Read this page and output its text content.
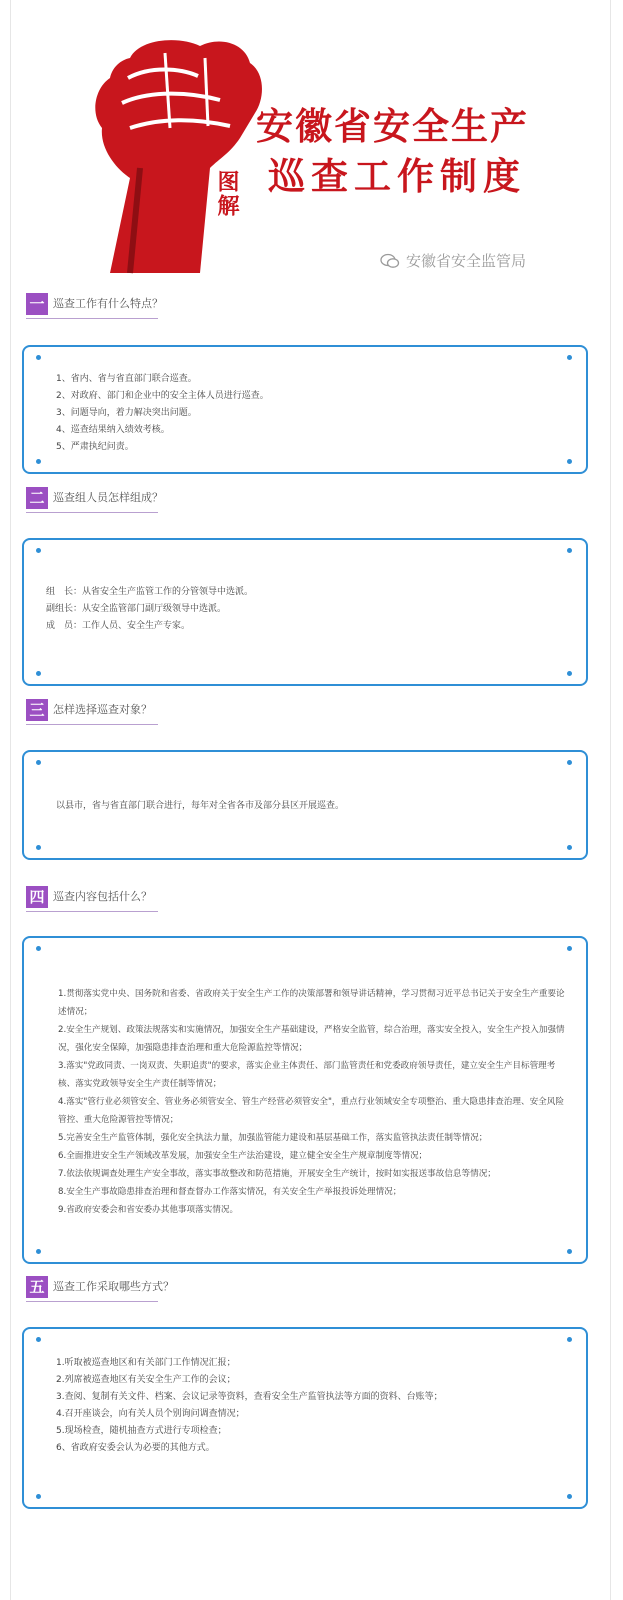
图解
安徽省安全生产
巡查工作制度
安徽省安全监管局
一 巡查工作有什么特点？

1、省内、省与省直部门联合巡查。

2、对政府、部门和企业中的安全主体人员进行巡查。

3、问题导向，着力解决突出问题。

4、巡查结果纳入绩效考核。

5、严肃执纪问责。

二 巡查组人员怎样组成？

组　长：从省安全生产监管工作的分管领导中选派。

副组长：从安全监管部门副厅级领导中选派。

成　员：工作人员、安全生产专家。

三 怎样选择巡查对象？

以县市，省与省直部门联合进行，每年对全省各市及部分县区开展巡查。

四 巡查内容包括什么？

1.贯彻落实党中央、国务院和省委、省政府关于安全生产工作的决策部署和领导讲话精神，学习贯彻习近平总书记关于安全生产重要论述情况；

2.安全生产规划、政策法规落实和实施情况，加强安全生产基础建设，严格安全监管，综合治理，落实安全投入，安全生产投入加强情况，强化安全保障，加强隐患排查治理和重大危险源监控等情况；

3.落实"党政同责、一岗双责、失职追责"的要求，落实企业主体责任、部门监管责任和党委政府领导责任，建立安全生产目标管理考核、落实党政领导安全生产责任制等情况；

4.落实"管行业必须管安全、管业务必须管安全、管生产经营必须管安全"，重点行业领域安全专项整治、重大隐患排查治理、安全风险管控、重大危险源管控等情况；

5.完善安全生产监管体制，强化安全执法力量，加强监管能力建设和基层基础工作，落实监管执法责任制等情况；

6.全面推进安全生产领域改革发展，加强安全生产法治建设，建立健全安全生产规章制度等情况；

7.依法依规调查处理生产安全事故，落实事故整改和防范措施，开展安全生产统计，按时如实报送事故信息等情况；

8.安全生产事故隐患排查治理和督查督办工作落实情况，有关安全生产举报投诉处理情况；

9.省政府安委会和省安委办其他事项落实情况。

五 巡查工作采取哪些方式？

1.听取被巡查地区和有关部门工作情况汇报；

2.列席被巡查地区有关安全生产工作的会议；

3.查阅、复制有关文件、档案、会议记录等资料，查看安全生产监管执法等方面的资料、台账等；

4.召开座谈会，向有关人员个别询问调查情况；

5.现场检查，随机抽查方式进行专项检查；

6、省政府安委会认为必要的其他方式。
